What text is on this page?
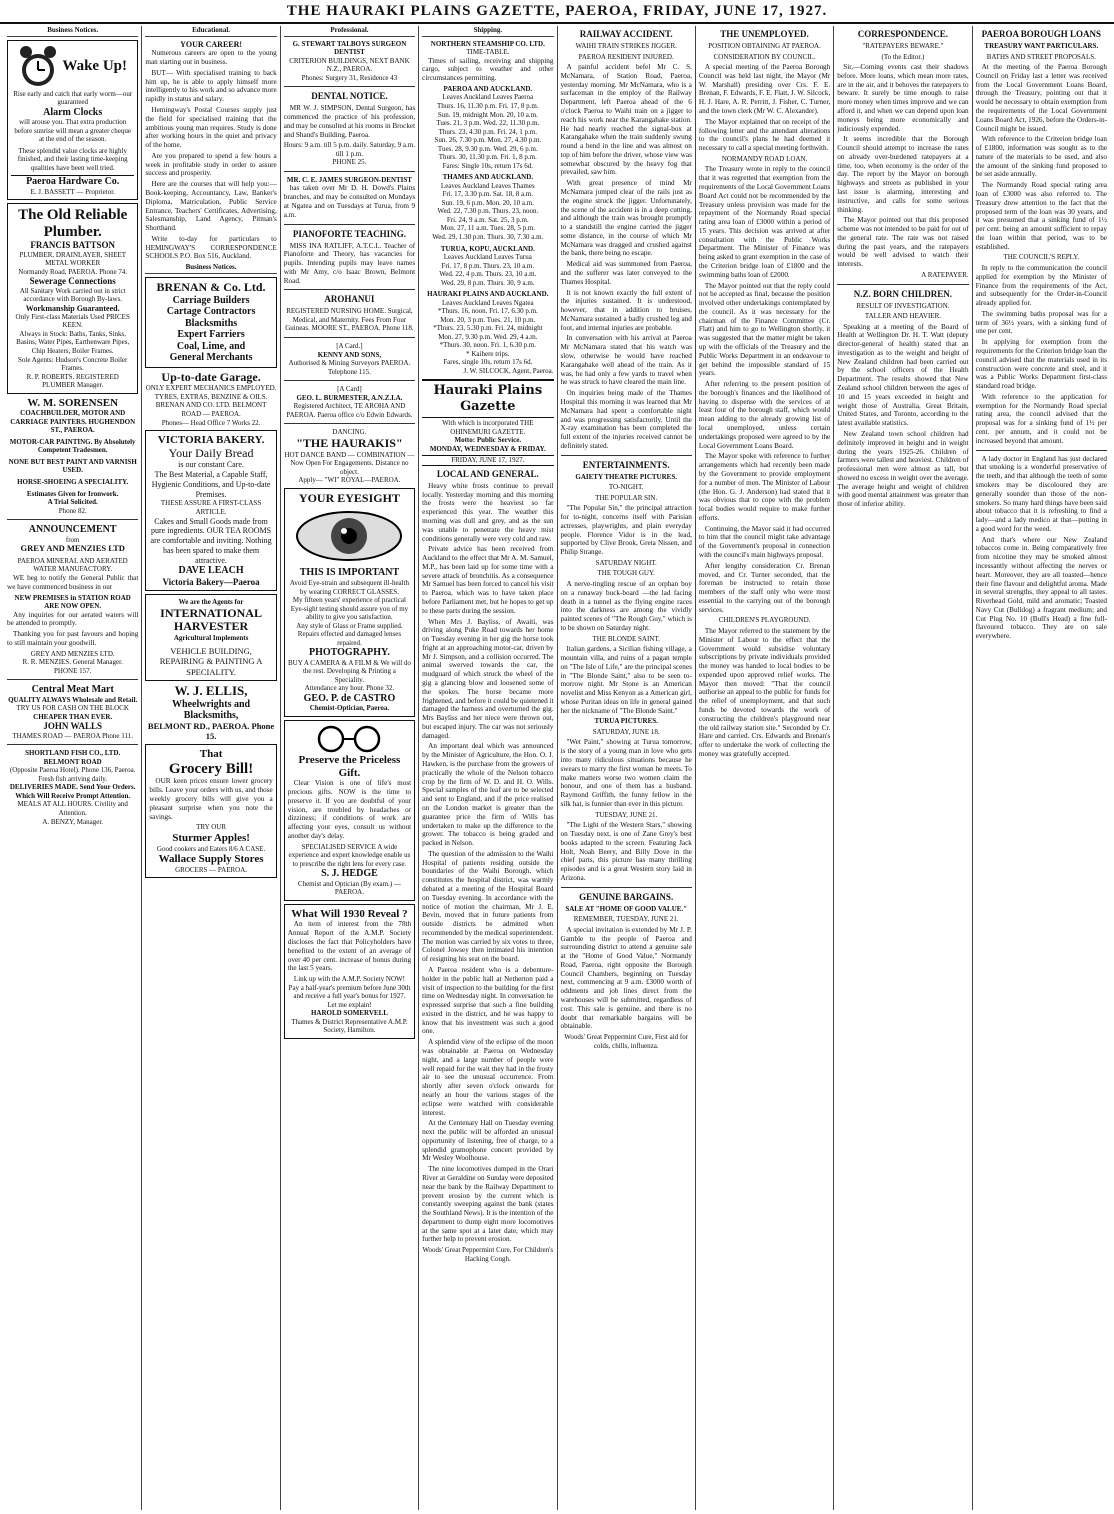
THE HAURAKI PLAINS GAZETTE, PAEROA, FRIDAY, JUNE 17, 1927.
Business Notices.
Wake Up!
Rise early and catch that early worm—our guaranteed
Alarm Clocks
will arouse you. That extra production before sunrise will mean a greater cheque at the end of the season.
These splendid value clocks are highly finished, and their lasting time-keeping qualities have been well tried.
Paeroa Hardware Co.
E. J. BASSETT — Proprietor.
The Old Reliable Plumber.
FRANCIS BATTSON
PLUMBER, DRAINLAYER, SHEET METAL WORKER
Normandy Road, PAEROA. Phone 74.
Sewerage Connections
All Sanitary Work carried out in strict accordance with Borough By-laws.
Workmanship Guaranteed.
Only First-class Materials Used PRICES KEEN.
Always in Stock: Baths, Tanks, Sinks, Basins, Water Pipes, Earthenware Pipes, Chip Heaters, Boiler Frames.
Sole Agents: Hudson's Concrete Boiler Frames.
R. P. ROBERTS. REGISTERED PLUMBER Manager.
W. M. SORENSEN
COACHBUILDER, MOTOR AND CARRIAGE PAINTERS. HUGHENDON ST., PAEROA.
MOTOR-CAR PAINTING. By Absolutely Competent Tradesmen.
NONE BUT BEST PAINT AND VARNISH USED.
HORSE-SHOEING A SPECIALITY.
Estimates Given for Ironwork.
A Trial Solicited.
Phone 82.
ANNOUNCEMENT
from
GREY AND MENZIES LTD
PAEROA MINERAL AND AERATED WATER MANUFACTORY.

WE beg to notify the General Public that we have commenced business in our

NEW PREMISES in STATION ROAD ARE NOW OPEN.

Any inquiries for our aerated waters will be attended to promptly.

Thanking you for past favours and hoping to still maintain your goodwill.

GREY AND MENZIES LTD.
R. R. MENZIES. General Manager.
PHONE 157.
Central Meat Mart
QUALITY ALWAYS Wholesale and Retail.
TRY US FOR CASH ON THE BLOCK
CHEAPER THAN EVER.
JOHN WALLS
THAMES ROAD — PAEROA Phone 111.
SHORTLAND FISH CO., LTD. BELMONT ROAD
(Opposite Paeroa Hotel). Phone 136, Paeroa.
Fresh fish arriving daily.
DELIVERIES MADE. Send Your Orders. Which Will Receive Prompt Attention.
MEALS AT ALL HOURS. Civility and Attention.
A. BENZY, Manager.
Educational.
YOUR CAREER!

Numerous careers are open to the young man starting out in business.

BUT— With specialised training to back him up, he is able to apply himself more intelligently to his work and so advance more rapidly in status and salary.

Hemingway's Postal Courses supply just the field for specialised training that the ambitious young man requires. Study is done after working hours in the quiet and privacy of the home.

Are you prepared to spend a few hours a week in profitable study in order to assure success and prosperity.

Here are the courses that will help you:— Book-keeping, Accountancy, Law, Banker's Diploma, Matriculation, Public Service Entrance, Teachers' Certificates, Advertising, Salesmanship, Land Agency, Pitman's Shorthand.

Write to-day for particulars to HEMINGWAY'S CORRESPONDENCE SCHOOLS P.O. Box 516, Auckland.

Business Notices.
BRENAN & Co. Ltd.
Carriage Builders
Cartage Contractors
Blacksmiths
Expert Farriers
Coal, Lime, and
General Merchants
Up-to-date Garage.
ONLY EXPERT MECHANICS EMPLOYED.
TYRES, EXTRAS, BENZINE & OILS.
BRENAN AND CO. LTD. BELMONT ROAD — PAEROA.
Phones— Head Office 7 Works 22.
VICTORIA BAKERY.
Your Daily Bread
is our constant Care.
The Best Material, a Capable Staff, Hygienic Conditions, and Up-to-date Premises.
THESE ASSURE A FIRST-CLASS ARTICLE.
Cakes and Small Goods made from pure ingredients. OUR TEA ROOMS are comfortable and inviting. Nothing has been spared to make them attractive.
DAVE LEACH
Victoria Bakery—Paeroa
We are the Agents for
INTERNATIONAL HARVESTER
Agricultural Implements
VEHICLE BUILDING, REPAIRING & PAINTING A SPECIALITY.
W. J. ELLIS,
Wheelwrights and Blacksmiths,
BELMONT RD., PAEROA. Phone 15.
That
Grocery Bill!

OUR keen prices ensure lower grocery bills. Leave your orders with us, and those weekly grocery bills will give you a pleasant surprise when you note the savings.

TRY OUR
Sturmer Apples!
Good cookers and Eaters 8/6 A CASE.
Wallace Supply Stores
GROCERS — PAEROA.
Professional.
G. STEWART TALBOYS SURGEON DENTIST
CRITERION BUILDINGS, NEXT BANK N.Z., PAEROA.
Phones: Surgery 31, Residence 43
DENTAL NOTICE.

MR W. J. SIMPSON, Dental Surgeon, has commenced the practice of his profession, and may be consulted at his rooms in Brocket and Shand's Building, Paeroa.

Hours: 9 a.m. till 5 p.m. daily. Saturday, 9 a.m. till 1 p.m.
PHONE 25.
MR. C. E. JAMES SURGEON-DENTIST

has taken over Mr D. H. Dowd's Plains branches, and may be consulted on Mondays at Ngatea and on Tuesdays at Turua, from 9 a.m.

PIANOFORTE TEACHING.

MISS INA RATLIFF, A.T.C.L. Teacher of Pianoforte and Theory, has vacancies for pupils. Intending pupils may leave names with Mr Amy, c/o Isaac Brown, Belmont Road.

AROHANUI
REGISTERED NURSING HOME. Surgical, Medical, and Maternity. Fees From Four Guineas. MOORE ST., PAEROA. Phone 118.
[A Card.]
KENNY AND SONS,
Authorised & Mining Surveyors PAEROA. Telephone 115.
[A Card]
GEO. L. BURMESTER, A.N.Z.I.A.
Registered Architect, TE AROHA AND PAEROA. Paeroa office c/o Edwin Edwards.
DANCING.
"THE HAURAKIS"
HOT DANCE BAND — COMBINATION —
Now Open For Engagements. Distance no object.
Apply— "WI" ROYAL—PAEROA.
YOUR EYESIGHT
THIS IS IMPORTANT
Avoid Eye-strain and subsequent ill-health by wearing CORRECT GLASSES.
My fifteen years' experience of practical Eye-sight testing should assure you of my ability to give you satisfaction.
Any style of Glass or Frame supplied. Repairs effected and damaged lenses repaired.
PHOTOGRAPHY.
BUY A CAMERA & A FILM & We will do the rest. Developing & Printing a Speciality.
Attendance any hour. Phone 32.
GEO. P. de CASTRO
Chemist-Optician, Paeroa.
Preserve the Priceless Gift.

Clear Vision is one of life's most precious gifts. NOW is the time to preserve it. If you are doubtful of your vision, are troubled by headaches or dizziness; if conditions of work are affecting your eyes, consult us without another day's delay.

SPECIALISED SERVICE A wide experience and expert knowledge enable us to prescribe the right lens for every case.
S. J. HEDGE
Chemist and Optician (By exam.) — PAEROA.
What Will 1930 Reveal ?

An item of interest from the 78th Annual Report of the A.M.P. Society discloses the fact that Policyholders have benefited to the extent of an average of over 40 per cent. increase of bonus during the last 5 years.

Link up with the A.M.P. Society NOW!
Pay a half-year's premium before June 30th and receive a full year's bonus for 1927.
Let me explain!
HAROLD SOMERVELL
Thames & District Representative A.M.P. Society, Hamilton.
Shipping.
NORTHERN STEAMSHIP CO. LTD.
TIME-TABLE.

Times of sailing, receiving and shipping cargo, subject to weather and other circumstances permitting.

PAEROA AND AUCKLAND.
Leaves Auckland Leaves Paeroa
Thurs. 16, 11.30 p.m. Fri. 17, 8 p.m.
Sun. 19, midnight Mon. 20, 10 a.m.
Tues. 21, 3 p.m. Wed. 22, 11.30 p.m.
Thurs. 23, 4.30 p.m. Fri. 24, 1 p.m.
Sun. 26, 7.30 p.m. Mon. 27, 4.30 p.m.
Tues. 28, 9.30 p.m. Wed. 29, 6 p.m.
Thurs. 30, 11.30 p.m. Fri. 1, 8 p.m.
Fares: Single 10s, return 17s 6d.
THAMES AND AUCKLAND.
Leaves Auckland Leaves Thames
Fri. 17, 3.30 p.m. Sat. 18, 8 a.m.
Sun. 19, 6 p.m. Mon. 20, 10 a.m.
Wed. 22, 7.30 p.m. Thurs. 23, noon.
Fri. 24, 9 a.m. Sat. 25, 3 p.m.
Mon. 27, 11 a.m. Tues. 28, 5 p.m.
Wed. 29, 1.30 p.m. Thurs. 30, 7.30 a.m.
TURUA, KOPU, AUCKLAND.
Leaves Auckland Leaves Turua
Fri. 17, 8 p.m. Thurs. 23, 10 a.m.
Wed. 22, 4 p.m. Thurs. 23, 10 a.m.
Wed. 29, 8 p.m. Thurs. 30, 9 a.m.
HAURAKI PLAINS AND AUCKLAND.
Leaves Auckland Leaves Ngatea
*Thurs. 16, noon. Fri. 17, 6.30 p.m.
Mon. 20, 3 p.m. Tues. 21, 10 p.m.
*Thurs. 23, 5.30 p.m. Fri. 24, midnight
Mon. 27, 9.30 p.m. Wed. 29, 4 a.m.
*Thurs. 30, noon. Fri. 1, 6.30 p.m.
* Kaihere trips.
Fares, single 10s, return 17s 6d.
J. W. SILCOCK, Agent, Paeroa.
Hauraki Plains Gazette
With which is incorporated THE OHINEMURI GAZETTE.
Motto: Public Service.
MONDAY, WEDNESDAY & FRIDAY.
FRIDAY, JUNE 17, 1927.
LOCAL AND GENERAL.

Heavy white frosts continue to prevail locally. Yesterday morning and this morning the frosts were the heaviest so far experienced this year. The weather this morning was dull and grey, and as the sun was unable to penetrate the heavy mist conditions generally were very cold and raw.

Private advice has been received from Auckland to the effect that Mr A. M. Samuel, M.P., has been laid up for some time with a severe attack of bronchitis. As a consequence Mr Samuel has been forced to cancel his visit to Paeroa, which was to have taken place before Parliament met, but he hopes to get up to these parts during the session.

When Mrs J. Bayliss, of Awaiti, was driving along Puke Road towards her home on Tuesday evening in her gig the horse took fright at an approaching motor-car, driven by Mr J. Simpson, and a collision occurred. The animal swerved towards the car, the mudguard of which struck the wheel of the gig a glancing blow and loosened some of the spokes. The horse became more frightened, and before it could be quietened it damaged the harness and overturned the gig. Mrs Bayliss and her niece were thrown out, but escaped injury. The car was not seriously damaged.

An important deal which was announced by the Minister of Agriculture, the Hon. O. J. Hawken, is the purchase from the growers of practically the whole of the Nelson tobacco crop by the firm of W. D. and H. O. Wills. Special samples of the leaf are to be selected and sent to England, and if the price realised on the London market is greater than the guarantee price the firm of Wills has undertaken to make up the difference to the grower. The tobacco is being graded and packed in Nelson.

The question of the admission to the Waihi Hospital of patients residing outside the boundaries of the Waihi Borough, which constitutes the hospital district, was warmly debated at a meeting of the Hospital Board on Tuesday evening. In accordance with the notice of motion the chairman, Mr J. E. Bevin, moved that in future patients from outside districts be admitted when recommended by the medical superintendent. The motion was carried by six votes to three, Colonel Jowsey then intimated his intention of resigning his seat on the board.

A Paeroa resident who is a debenture-holder in the public hall at Netherton paid a visit of inspection to the building for the first time on Wednesday night. In conversation he expressed surprise that such a fine building existed in the district, and he was happy to know that his investment was such a good one.

A splendid view of the eclipse of the moon was obtainable at Paeroa on Wednesday night, and a large number of people were well repaid for the wait they had in the frosty air to see the unusual occurrence. From shortly after seven o'clock onwards for nearly an hour the various stages of the eclipse were watched with considerable interest.

At the Centenary Hall on Tuesday evening next the public will be afforded an unusual opportunity of listening, free of charge, to a splendid gramophone concert provided by Mr Wesley Woolhouse.

The nine locomotives dumped in the Orari River at Geraldine on Sunday were deposited near the bank by the Railway Department to prevent erosion by the current which is constantly sweeping against the bank (states the Southland News). It is the intention of the department to dump eight more locomotives at the same spot at a later date, which may further help to prevent erosion.

Woods' Great Peppermint Cure, For Children's Hacking Cough.
RAILWAY ACCIDENT.
WAIHI TRAIN STRIKES JIGGER.
PAEROA RESIDENT INJURED.

A painful accident befel Mr C. S. McNamara, of Station Road, Paeroa, yesterday morning. Mr McNamara, who is a surfaceman in the employ of the Railway Department, left Paeroa ahead of the 6 o'clock Paeroa to Waihi train on a jigger to reach his work near the Karangahake station. He had nearly reached the signal-box at Karangahake when the train suddenly swung round a bend in the line and was almost on top of him before the driver, whose view was somewhat obscured by the heavy fog that prevailed, saw him.

With great presence of mind Mr McNamara jumped clear of the rails just as the engine struck the jigger. Unfortunately, the scene of the accident is in a deep cutting, and although the train was brought promptly to a standstill the engine carried the jigger some distance, in the course of which Mr McNamara was dragged and crushed against the bank, there being no escape.

Medical aid was summoned from Paeroa, and the sufferer was later conveyed to the Thames Hospital.

It is not known exactly the full extent of the injuries sustained. It is understood, however, that in addition to bruises, McNamara sustained a badly crushed leg and foot, and internal injuries are probable.

In conversation with his arrival at Paeroa Mr McNamara stated that his watch was slow, otherwise he would have reached Karangahake well ahead of the train. As it was, he had only a few yards to travel when he was struck to have cleared the main line.

On inquiries being made of the Thames Hospital this morning it was learned that Mr McNamara had spent a comfortable night and was progressing satisfactorily. Until the X-ray examination has been completed the full extent of the injuries received cannot be definitely stated.

ENTERTAINMENTS.
GAIETY THEATRE PICTURES.
TO-NIGHT.
THE POPULAR SIN.

"The Popular Sin," the principal attraction for to-night, concerns itself with Parisian actresses, playwrights, and plain everyday people. Florence Vidor is in the lead, supported by Clive Brook, Greta Nissen, and Philip Strange.

SATURDAY NIGHT.
THE TOUGH GUY.

A nerve-tingling rescue of an orphan boy on a runaway buck-board —the lad facing death in a tunnel as the flying engine races into the darkness are among the vividly painted scenes of "The Rough Guy," which is to be shown on Saturday night.

THE BLONDE SAINT.

Italian gardens, a Sicilian fishing village, a mountain villa, and ruins of a pagan temple on "The Isle of Life," are the principal scenes in "The Blonde Saint," also to be seen to-morrow night. Mr Stone is an American novelist and Miss Kenyon as a American girl, whose Puritan ideas on life in general gained her the nickname of "The Blonde Saint."

TURUA PICTURES.
SATURDAY, JUNE 18.

"Wet Paint," showing at Turua tomorrow, is the story of a young man in love who gets into many ridiculous situations because he swears to marry the first woman he meets. To make matters worse two women claim the honour, and one of them has a husband. Raymond Griffith, the funny fellow in the silk hat, is funnier than ever in this picture.

TUESDAY, JUNE 21.

"The Light of the Western Stars," showing on Tuesday next, is one of Zane Grey's best books adapted to the screen. Featuring Jack Holt, Noah Beery, and Billy Dove in the chief parts, this picture has many thrilling episodes and is a great Western story laid in Arizona.

GENUINE BARGAINS.
SALE AT "HOME OF GOOD VALUE."
REMEMBER, TUESDAY, JUNE 21.

A special invitation is extended by Mr J. P. Gamble to the people of Paeroa and surrounding district to attend a genuine sale at the "Home of Good Value," Normandy Road, Paeroa, right opposite the Borough Council Chambers, beginning on Tuesday next, commencing at 9 a.m. £3000 worth of oddments and job lines direct from the warehouses will be submitted, regardless of cost. This sale is genuine, and there is no doubt that remarkable bargains will be obtainable.

Woods' Great Peppermint Cure, First aid for colds, chills, influenza.
THE UNEMPLOYED.
POSITION OBTAINING AT PAEROA.
CONSIDERATION BY COUNCIL.

A special meeting of the Paeroa Borough Council was held last night, the Mayor (Mr W. Marshall) presiding over Crs. F. E. Brenan, F. Edwards, F. E. Flatt, J. W. Silcock, H. J. Hare, A. R. Perritt, J. Fisher, C. Turner, and the town clerk (Mr W. C. Alexander).

The Mayor explained that on receipt of the following letter and the attendant alterations to the council's plans he had deemed it necessary to call a special meeting forthwith.

NORMANDY ROAD LOAN.

The Treasury wrote in reply to the council that it was regretted that exemption from the requirements of the Local Government Loans Board Act could not be recommended by the Treasury unless provision was made for the repayment of the Normandy Road special rating area loan of £3000 within a period of 15 years. This decision was arrived at after consultation with the Public Works Department. The Minister of Finance was being asked to grant exemption in the case of the Criterion bridge loan of £1800 and the swimming baths loan of £2000.

The Mayor pointed out that the reply could not be accepted as final, because the position involved other undertakings contemplated by the council. As it was necessary for the chairman of the Finance Committee (Cr. Flatt) and him to go to Wellington shortly, it was suggested that the matter might be taken up with the officials of the Treasury and the Public Works Department in an endeavour to get behind the impossible standard of 15 years.

After referring to the present position of the borough's finances and the likelihood of having to dispense with the services of at least four of the borough staff, which would mean adding to the already growing list of local unemployed, unless certain undertakings proposed were agreed to by the Local Government Loans Board.

The Mayor spoke with reference to further arrangements which had recently been made by the Government to provide employment for a number of men. The Minister of Labour (the Hon. G. J. Anderson) had stated that it was obvious that to cope with the problem local bodies would require to make further efforts.

Continuing, the Mayor said it had occurred to him that the council might take advantage of the Government's proposal in connection with the council's main highways proposal.

After lengthy consideration Cr. Brenan moved, and Cr. Turner seconded, that the foreman be instructed to retain those members of the staff only who were most essential to the carrying out of the borough services.

CHILDREN'S PLAYGROUND.

The Mayor referred to the statement by the Minister of Labour to the effect that the Government would subsidise voluntary subscriptions by private individuals provided the money was handed to local bodies to be expended upon approved relief works. The Mayor then moved: "That the council authorise an appeal to the public for funds for the relief of unemployment, and that such funds be devoted towards the work of constructing the children's playground near the old railway station site." Seconded by Cr. Hare and carried. Crs. Edwards and Brenan's offer to undertake the work of collecting the money was gratefully accepted.

CORRESPONDENCE.
"RATEPAYERS BEWARE."
(To the Editor.)

Sir,—Coming events cast their shadows before. More loans, which mean more rates, are in the air, and it behoves the ratepayers to beware. It surely be time enough to raise more money when times improve and we can afford it, and when we can depend upon loan moneys being more economically and judiciously expended.

It seems incredible that the Borough Council should attempt to increase the rates on already over-burdened ratepayers at a time, too, when economy is the order of the day. The report by the Mayor on borough highways and streets as published in your last issue is alarming, interesting and instructive, and calls for some serious thinking.

The Mayor pointed out that this proposed scheme was not intended to be paid for out of the general rate. The rate was not raised during the past years, and the ratepayers would be well advised to watch their interests.

A RATEPAYER.
N.Z. BORN CHILDREN.
RESULT OF INVESTIGATION.
TALLER AND HEAVIER.

Speaking at a meeting of the Board of Health at Wellington Dr. H. T. Watt (deputy director-general of health) stated that an investigation as to the weight and height of New Zealand children had been carried out by the school officers of the Health Department. The results showed that New Zealand school children between the ages of 10 and 15 years exceeded in height and weight those of Australia, Great Britain, United States, and Toronto, according to the latest available statistics.

New Zealand town school children had definitely improved in height and in weight during the years 1925-26. Children of farmers were tallest and heaviest. Children of professional men were almost as tall, but showed no excess in weight over the average. The average height and weight of children with good mental attainment was greater than those of inferior ability.

PAEROA BOROUGH LOANS
TREASURY WANT PARTICULARS.
BATHS AND STREET PROPOSALS.

At the meeting of the Paeroa Borough Council on Friday last a letter was received from the Local Government Loans Board, through the Treasury, pointing out that it would be necessary to obtain exemption from the requirements of the Local Government Loans Board Act, 1926, before the Orders-in-Council might be issued.

With reference to the Criterion bridge loan of £1800, information was sought as to the nature of the materials to be used, and also the amount of the sinking fund proposed to be set aside annually.

The Normandy Road special rating area loan of £3000 was also referred to. The Treasury drew attention to the fact that the proposed term of the loan was 30 years, and it was presumed that a sinking fund of 1½ per cent. being an amount sufficient to repay the loan within that period, was to be established.

THE COUNCIL'S REPLY.

In reply to the communication the council applied for exemption by the Minister of Finance from the requirements of the Act, and subsequently for the Order-in-Council already applied for.

The swimming baths proposal was for a term of 36½ years, with a sinking fund of one per cent.

In applying for exemption from the requirements for the Criterion bridge loan the council advised that the materials used in its construction were concrete and steel, and it was a Public Works Department first-class standard road bridge.

With reference to the application for exemption for the Normandy Road special rating area, the council advised that the proposal was for a sinking fund of 1½ per cent. per annum, and it could not be increased beyond that amount.

A lady doctor in England has just declared that smoking is a wonderful preservative of the teeth, and that although the teeth of some smokers may be discoloured they are generally sounder than those of the non-smokers. So many hard things have been said about tobacco that it is refreshing to find a lady—and a lady medico at that—putting in a good word for the weed.

And that's where our New Zealand tobaccos come in. Being comparatively free from nicotine they may be smoked almost incessantly without affecting the nerves or heart. Moreover, they are all toasted—hence their fine flavour and delightful aroma. Made in several strengths, they appeal to all tastes. Riverhead Gold, mild and aromatic; Toasted Navy Cut (Bulldog) a fragrant medium; and Cut Plug No. 10 (Bull's Head) a fine full-flavoured tobacco. They are on sale everywhere.
